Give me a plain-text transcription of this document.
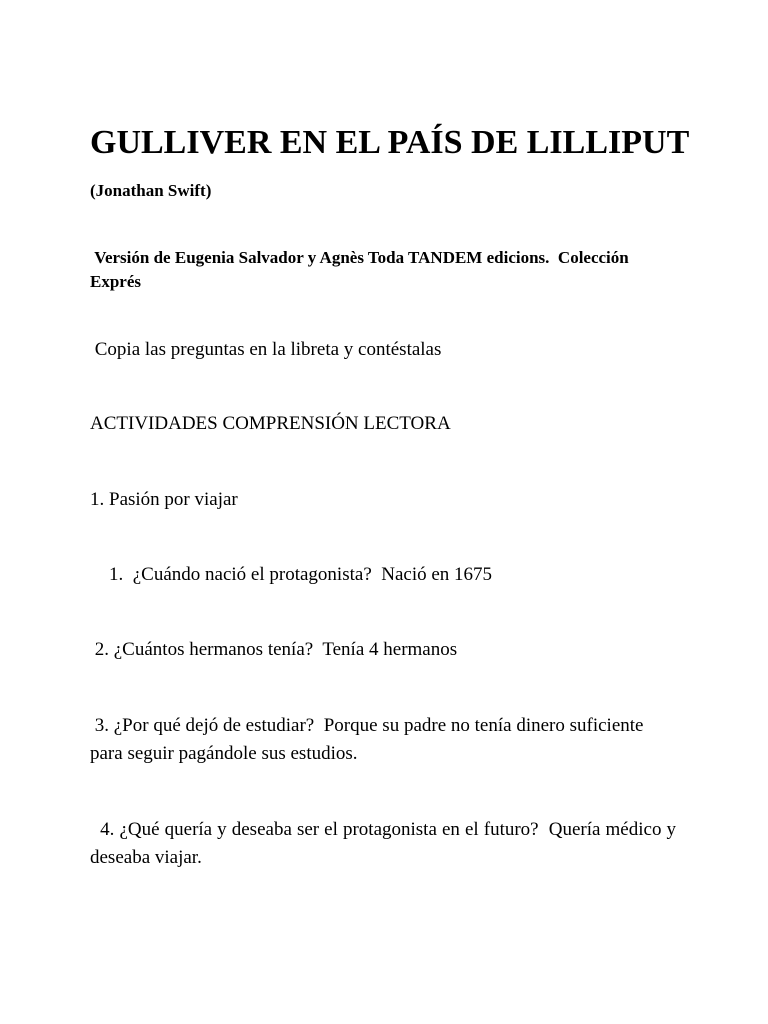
GULLIVER EN EL PAÍS DE LILLIPUT

(Jonathan Swift)

Versión de Eugenia Salvador y Agnès Toda TANDEM edicions.  Colección Exprés

Copia las preguntas en la libreta y contéstalas

ACTIVIDADES COMPRENSIÓN LECTORA

1. Pasión por viajar

1.  ¿Cuándo nació el protagonista?  Nació en 1675

2. ¿Cuántos hermanos tenía?  Tenía 4 hermanos

3. ¿Por qué dejó de estudiar?  Porque su padre no tenía dinero suficiente para seguir pagándole sus estudios.

4. ¿Qué quería y deseaba ser el protagonista en el futuro?  Quería médico y deseaba viajar.
